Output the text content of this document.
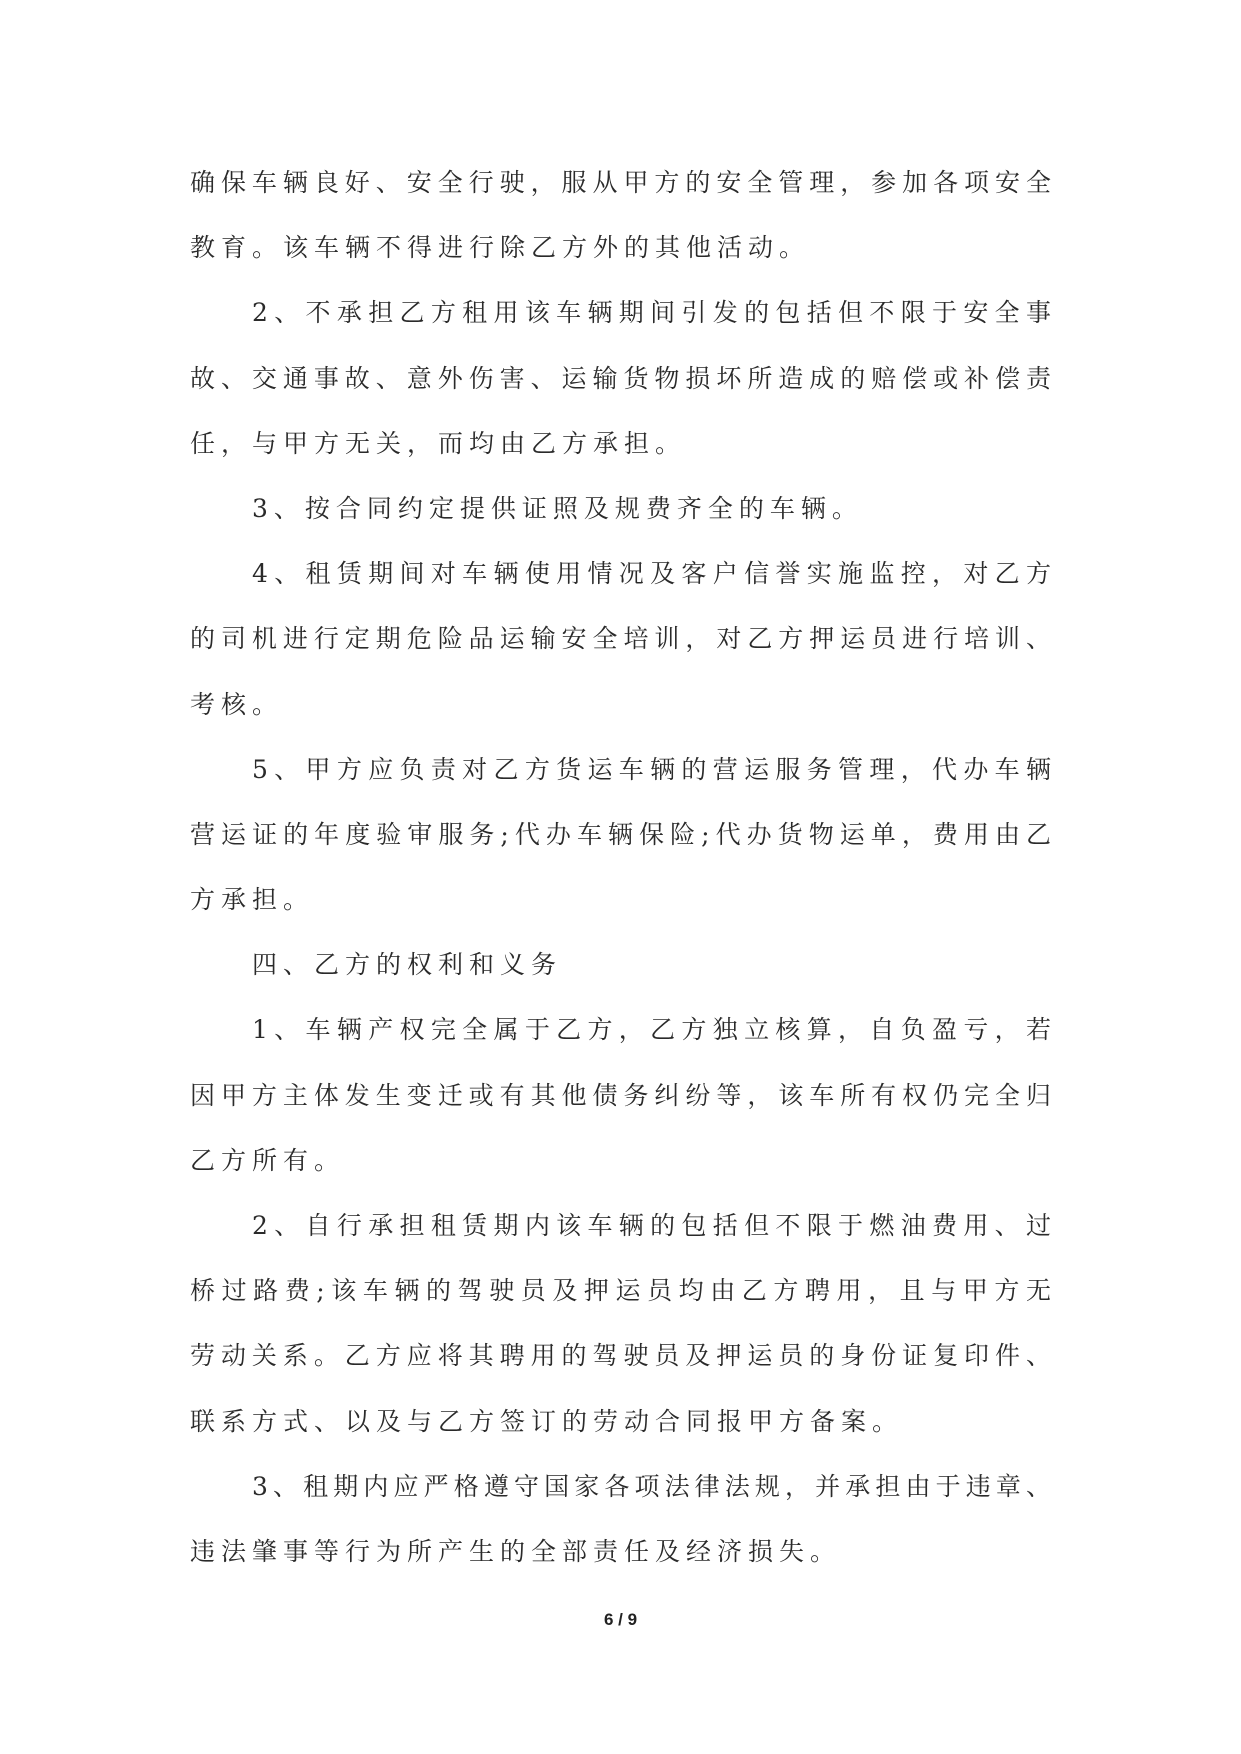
确保车辆良好、安全行驶，服从甲方的安全管理，参加各项安全
教育。该车辆不得进行除乙方外的其他活动。
2、不承担乙方租用该车辆期间引发的包括但不限于安全事
故、交通事故、意外伤害、运输货物损坏所造成的赔偿或补偿责
任，与甲方无关，而均由乙方承担。
3、按合同约定提供证照及规费齐全的车辆。
4、租赁期间对车辆使用情况及客户信誉实施监控，对乙方
的司机进行定期危险品运输安全培训，对乙方押运员进行培训、
考核。
5、甲方应负责对乙方货运车辆的营运服务管理，代办车辆
营运证的年度验审服务;代办车辆保险;代办货物运单，费用由乙
方承担。
四、乙方的权利和义务
1、车辆产权完全属于乙方，乙方独立核算，自负盈亏，若
因甲方主体发生变迁或有其他债务纠纷等，该车所有权仍完全归
乙方所有。
2、自行承担租赁期内该车辆的包括但不限于燃油费用、过
桥过路费;该车辆的驾驶员及押运员均由乙方聘用，且与甲方无
劳动关系。乙方应将其聘用的驾驶员及押运员的身份证复印件、
联系方式、以及与乙方签订的劳动合同报甲方备案。
3、租期内应严格遵守国家各项法律法规，并承担由于违章、
违法肇事等行为所产生的全部责任及经济损失。
6 / 9
